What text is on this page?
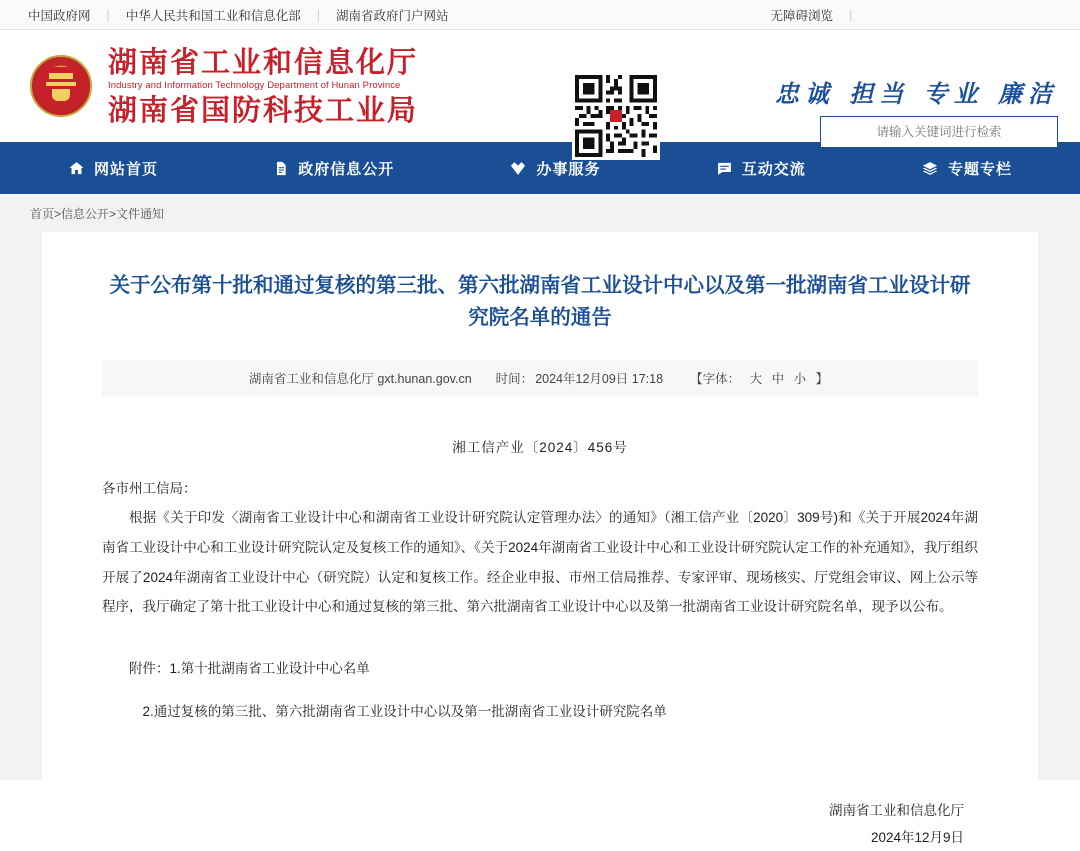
中国政府网 | 中华人民共和国工业和信息化部 | 湖南省政府门户网站	无障碍浏览 |
湖南省工业和信息化厅
Industry and Information Technology Department of Hunan Province
湖南省国防科技工业局	忠诚 担当 专业 廉洁
请输入关键词进行检索
网站首页	政府信息公开	办事服务	互动交流	专题专栏
首页>信息公开>文件通知
关于公布第十批和通过复核的第三批、第六批湖南省工业设计中心以及第一批湖南省工业设计研究院名单的通告
湖南省工业和信息化厅 gxt.hunan.gov.cn 时间： 2024年12月09日 17:18 【字体： 大 中 小 】
湘工信产业〔2024〕456号

各市州工信局：

根据《关于印发〈湖南省工业设计中心和湖南省工业设计研究院认定管理办法〉的通知》（湘工信产业〔2020〕309号)和《关于开展2024年湖南省工业设计中心和工业设计研究院认定及复核工作的通知》、《关于2024年湖南省工业设计中心和工业设计研究院认定工作的补充通知》，我厅组织开展了2024年湖南省工业设计中心（研究院）认定和复核工作。经企业申报、市州工信局推荐、专家评审、现场核实、厅党组会审议、网上公示等程序，我厅确定了第十批工业设计中心和通过复核的第三批、第六批湖南省工业设计中心以及第一批湖南省工业设计研究院名单，现予以公布。

附件：1.第十批湖南省工业设计中心名单

2.通过复核的第三批、第六批湖南省工业设计中心以及第一批湖南省工业设计研究院名单

湖南省工业和信息化厅
2024年12月9日
